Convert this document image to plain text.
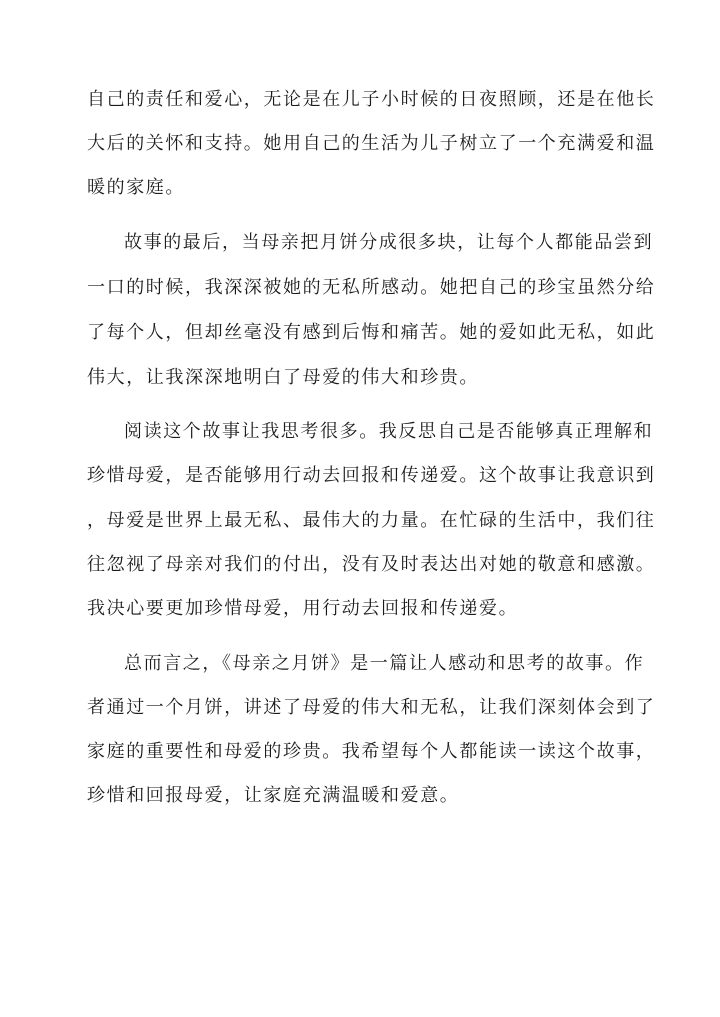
自己的责任和爱心，无论是在儿子小时候的日夜照顾，还是在他长
大后的关怀和支持。她用自己的生活为儿子树立了一个充满爱和温
暖的家庭。
故事的最后，当母亲把月饼分成很多块，让每个人都能品尝到
一口的时候，我深深被她的无私所感动。她把自己的珍宝虽然分给
了每个人，但却丝毫没有感到后悔和痛苦。她的爱如此无私，如此
伟大，让我深深地明白了母爱的伟大和珍贵。
阅读这个故事让我思考很多。我反思自己是否能够真正理解和
珍惜母爱，是否能够用行动去回报和传递爱。这个故事让我意识到
，母爱是世界上最无私、最伟大的力量。在忙碌的生活中，我们往
往忽视了母亲对我们的付出，没有及时表达出对她的敬意和感激。
我决心要更加珍惜母爱，用行动去回报和传递爱。
总而言之，《母亲之月饼》是一篇让人感动和思考的故事。作
者通过一个月饼，讲述了母爱的伟大和无私，让我们深刻体会到了
家庭的重要性和母爱的珍贵。我希望每个人都能读一读这个故事，
珍惜和回报母爱，让家庭充满温暖和爱意。
